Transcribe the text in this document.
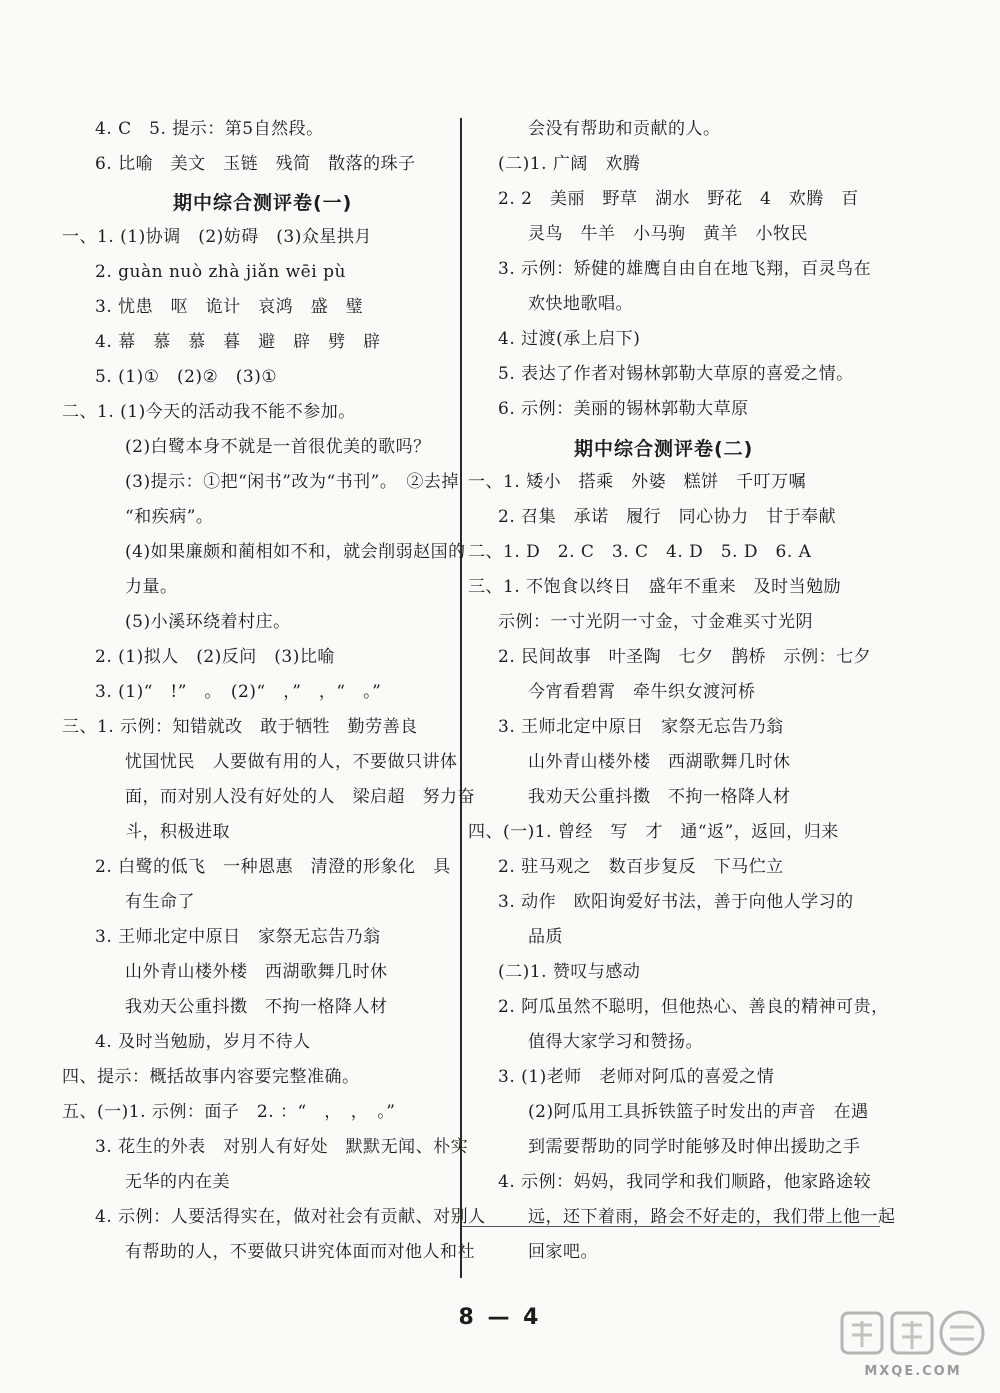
期中综合测评卷(一)
期中综合测评卷(二)
4. C　5. 提示：第5自然段。
6. 比喻　美文　玉链　残简　散落的珠子
一、1. (1)协调　(2)妨碍　(3)众星拱月
2. guàn nuò zhà jiǎn wēi pù
3. 忧患　呕　诡计　哀鸿　盛　璧
4. 幕　慕　慕　暮　避　辟　劈　辟
5. (1)①　(2)②　(3)①
二、1. (1)今天的活动我不能不参加。
(2)白鹭本身不就是一首很优美的歌吗？
(3)提示：①把“闲书”改为“书刊”。　②去掉
“和疾病”。
(4)如果廉颇和蔺相如不和，就会削弱赵国的
力量。
(5)小溪环绕着村庄。
2. (1)拟人　(2)反问　(3)比喻
3. (1)“　!”　。　(2)“　，”　，“　。”
三、1. 示例：知错就改　敢于牺牲　勤劳善良
忧国忧民　人要做有用的人，不要做只讲体
面，而对别人没有好处的人　梁启超　努力奋
斗，积极进取
2. 白鹭的低飞　一种恩惠　清澄的形象化　具
有生命了
3. 王师北定中原日　家祭无忘告乃翁
山外青山楼外楼　西湖歌舞几时休
我劝天公重抖擞　不拘一格降人材
4. 及时当勉励，岁月不待人
四、提示：概括故事内容要完整准确。
五、(一)1. 示例：面子　2. ：“　，　，　。”
3. 花生的外表　对别人有好处　默默无闻、朴实
无华的内在美
4. 示例：人要活得实在，做对社会有贡献、对别人
有帮助的人，不要做只讲究体面而对他人和社
会没有帮助和贡献的人。
(二)1. 广阔　欢腾
2. 2　美丽　野草　湖水　野花　4　欢腾　百
灵鸟　牛羊　小马驹　黄羊　小牧民
3. 示例：矫健的雄鹰自由自在地飞翔，百灵鸟在
欢快地歌唱。
4. 过渡(承上启下)
5. 表达了作者对锡林郭勒大草原的喜爱之情。
6. 示例：美丽的锡林郭勒大草原
一、1. 矮小　搭乘　外婆　糕饼　千叮万嘱
2. 召集　承诺　履行　同心协力　甘于奉献
二、1. D　2. C　3. C　4. D　5. D　6. A
三、1. 不饱食以终日　盛年不重来　及时当勉励
示例：一寸光阴一寸金，寸金难买寸光阴
2. 民间故事　叶圣陶　七夕　鹊桥　示例：七夕
今宵看碧霄　牵牛织女渡河桥
3. 王师北定中原日　家祭无忘告乃翁
山外青山楼外楼　西湖歌舞几时休
我劝天公重抖擞　不拘一格降人材
四、(一)1. 曾经　写　才　通“返”，返回，归来
2. 驻马观之　数百步复反　下马伫立
3. 动作　欧阳询爱好书法，善于向他人学习的
品质
(二)1. 赞叹与感动
2. 阿瓜虽然不聪明，但他热心、善良的精神可贵，
值得大家学习和赞扬。
3. (1)老师　老师对阿瓜的喜爱之情
(2)阿瓜用工具拆铁篮子时发出的声音　在遇
到需要帮助的同学时能够及时伸出援助之手
4. 示例：妈妈，我同学和我们顺路，他家路途较
远，还下着雨，路会不好走的，我们带上他一起
回家吧。
8 — 4
MXQE.COM
